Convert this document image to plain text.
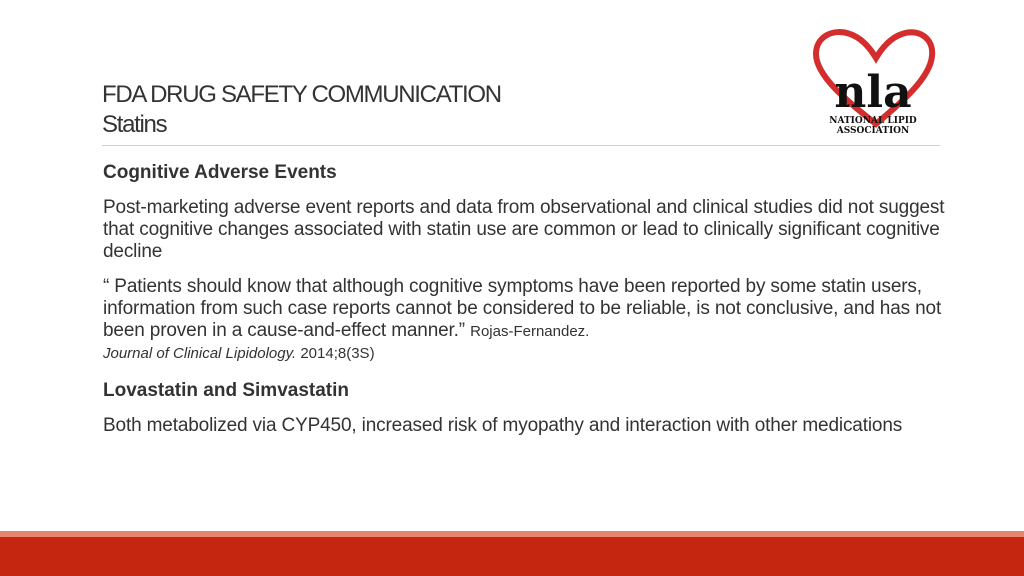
FDA DRUG SAFETY COMMUNICATION
Statins
nla
NATIONAL LIPID
ASSOCIATION
Cognitive Adverse Events

Post-marketing adverse event reports and data from observational and clinical studies did not suggest that cognitive changes associated with statin use are common or lead to clinically significant cognitive decline

“ Patients should know that although cognitive symptoms have been reported by some statin users, information from such case reports cannot be considered to be reliable, is not conclusive, and has not been proven in a cause-and-effect manner.” Rojas-Fernandez.
Journal of Clinical Lipidology. 2014;8(3S)

Lovastatin and Simvastatin

Both metabolized via CYP450, increased risk of myopathy and interaction with other medications
